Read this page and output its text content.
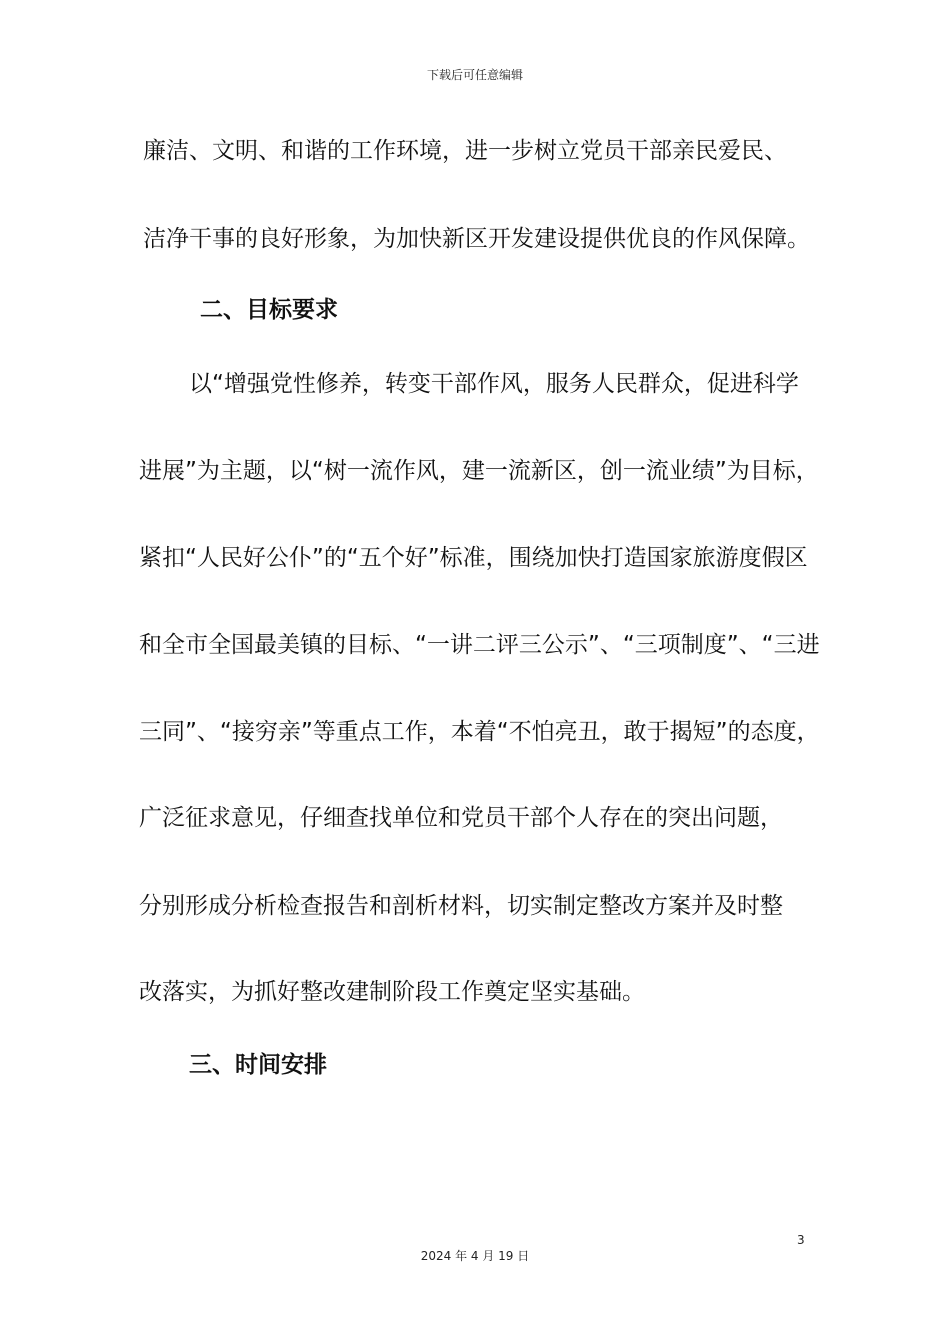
下载后可任意编辑
廉洁、文明、和谐的工作环境，进一步树立党员干部亲民爱民、
洁净干事的良好形象，为加快新区开发建设提供优良的作风保障。
二、目标要求
以“增强党性修养，转变干部作风，服务人民群众，促进科学
进展”为主题，以“树一流作风，建一流新区，创一流业绩”为目标，
紧扣“人民好公仆”的“五个好”标准，围绕加快打造国家旅游度假区
和全市全国最美镇的目标、“一讲二评三公示”、“三项制度”、“三进
三同”、“接穷亲”等重点工作，本着“不怕亮丑，敢于揭短”的态度，
广泛征求意见，仔细查找单位和党员干部个人存在的突出问题，
分别形成分析检查报告和剖析材料，切实制定整改方案并及时整
改落实，为抓好整改建制阶段工作奠定坚实基础。
三、时间安排
3
2024 年 4 月 19 日
